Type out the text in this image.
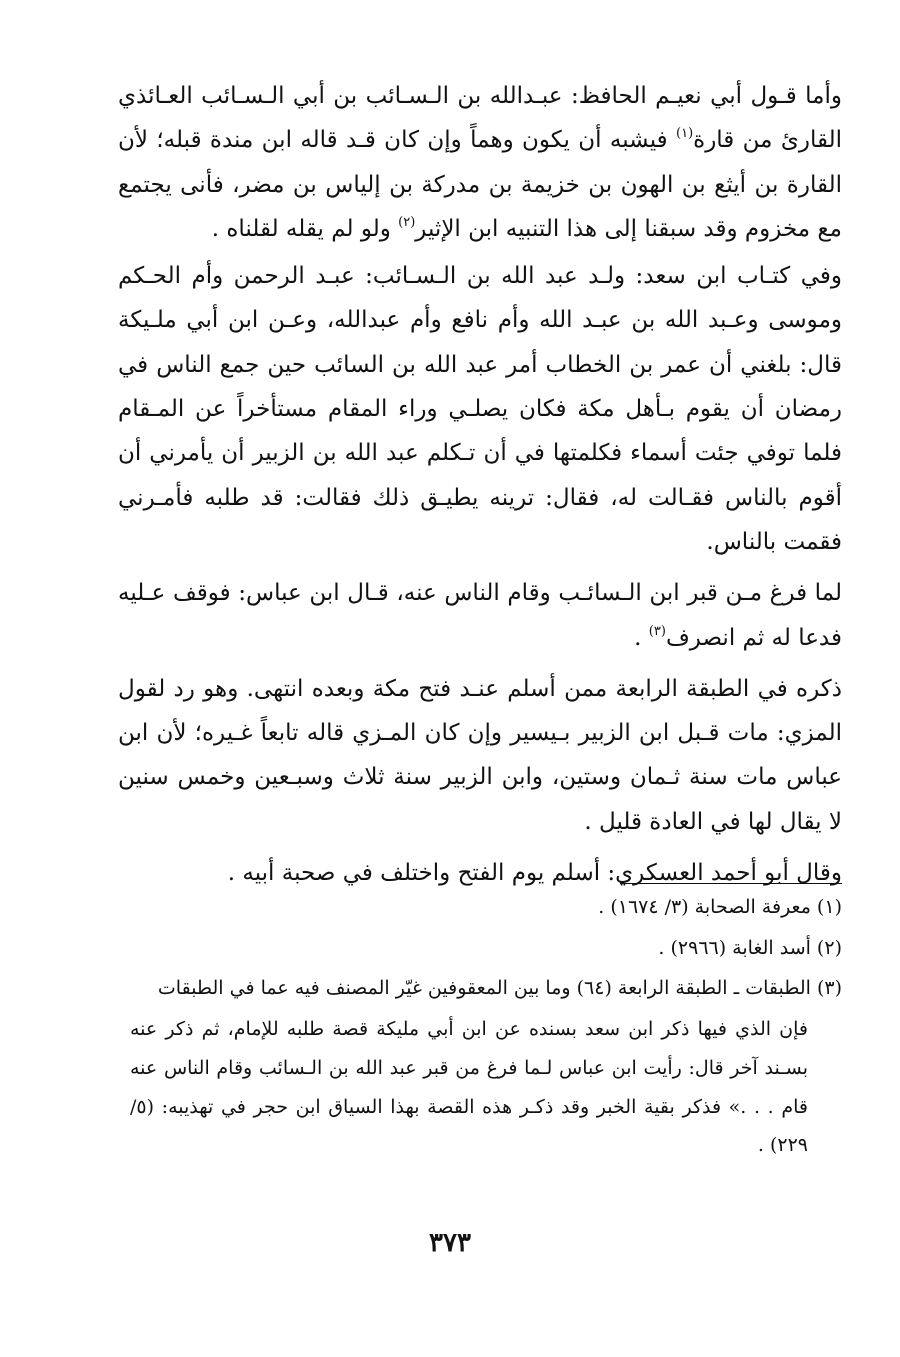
وأما قـول أبي نعيـم الحافظ: عبـدالله بن الـسـائب بن أبي الـسـائب العـائذي القارئ من قارة$^{(١)}$ فيشبه أن يكون وهماً وإن كان قـد قاله ابن مندة قبله؛ لأن القارة بن أيثع بن الهون بن خزيمة بن مدركة بن إلياس بن مضر، فأنى يجتمع مع مخزوم وقد سبقنا إلى هذا التنبيه ابن الإثير$^{(٢)}$ ولو لم يقله لقلناه .

وفي كتـاب ابن سعد: ولـد عبد الله بن الـسـائب: عبـد الرحمن وأم الحـكم وموسى وعـبد الله بن عبـد الله وأم نافع وأم عبدالله، وعـن ابن أبي ملـيكة قال: بلغني أن عمر بن الخطاب أمر عبد الله بن السائب حين جمع الناس في رمضان أن يقوم بـأهل مكة فكان يصلـي وراء المقام مستأخراً عن المـقام فلما توفي جئت أسماء فكلمتها في أن تـكلم عبد الله بن الزبير أن يأمرني أن أقوم بالناس فقـالت له، فقال: ترينه يطيـق ذلك فقالت: قد طلبه فأمـرني فقمت بالناس.

لما فرغ مـن قبر ابن الـسائـب وقام الناس عنه، قـال ابن عباس: فوقف عـليه فدعا له ثم انصرف$^{(٣)}$ .

ذكره في الطبقة الرابعة ممن أسلم عنـد فتح مكة وبعده انتهى. وهو رد لقول المزي: مات قـبل ابن الزبير بـيسير وإن كان المـزي قاله تابعاً غـيره؛ لأن ابن عباس مات سنة ثـمان وستين، وابن الزبير سنة ثلاث وسبـعين وخمس سنين لا يقال لها في العادة قليل .

وقال أبو أحمد العسكري: أسلم يوم الفتح واختلف في صحبة أبيه .

(١) معرفة الصحابة (٣/ ١٦٧٤) .

(٢) أسد الغابة (٢٩٦٦) .

(٣) الطبقات ـ الطبقة الرابعة (٦٤) وما بين المعقوفين غيّر المصنف فيه عما في الطبقات

فإن الذي فيها ذكر ابن سعد بسنده عن ابن أبي مليكة قصة طلبه للإمام، ثم ذكر عنه بسـند آخر قال: رأيت ابن عباس لـما فرغ من قبر عبد الله بن الـسائب وقام الناس عنه قام . . .» فذكر بقية الخبر وقد ذكـر هذه القصة بهذا السياق ابن حجر في تهذيبه: (٥/ ٢٢٩) .

٣٧٣
